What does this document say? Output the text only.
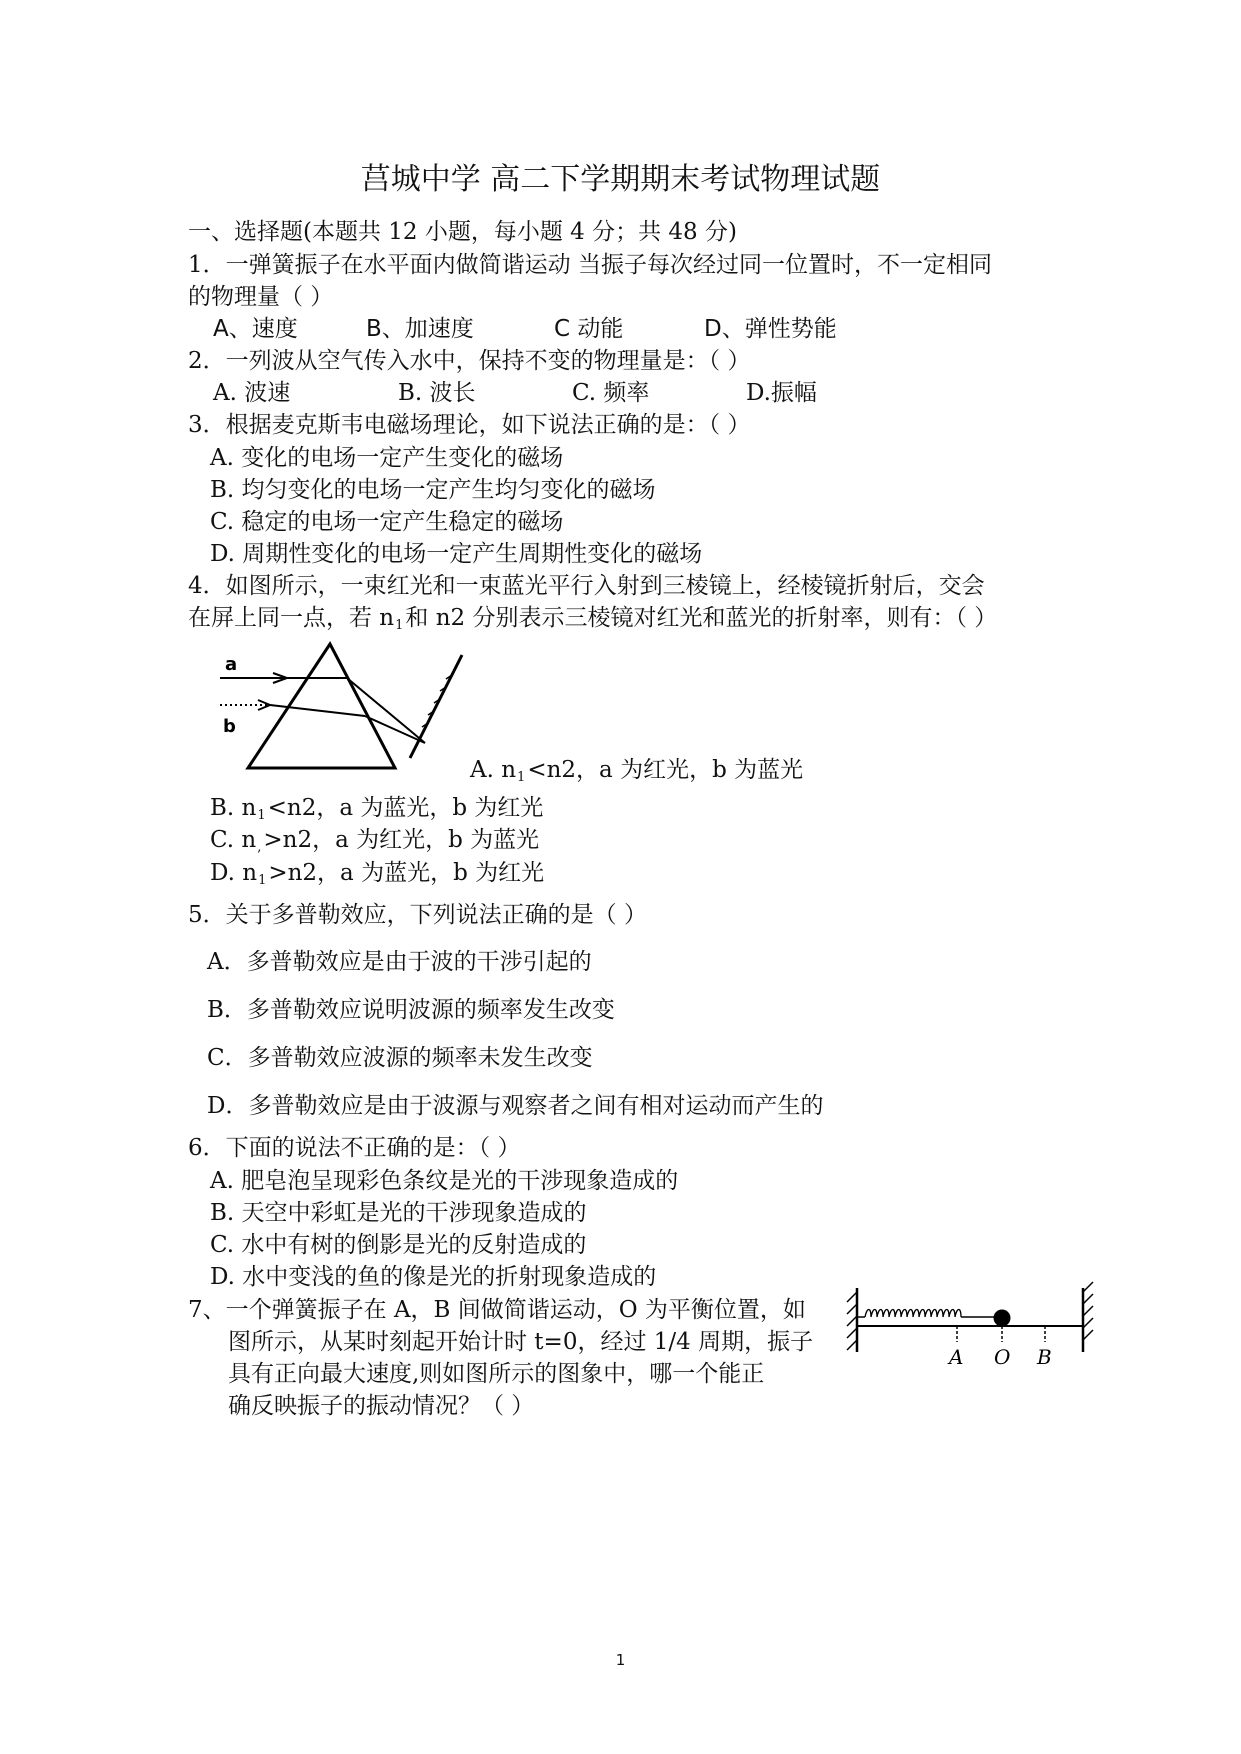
莒城中学 高二下学期期末考试物理试题
一、选择题(本题共 12 小题，每小题 4 分；共 48 分)
1．一弹簧振子在水平面内做简谐运动 当振子每次经过同一位置时，不一定相同
的物理量（ ）
A、速度	B、加速度	C 动能	D、弹性势能
2．一列波从空气传入水中，保持不变的物理量是：（ ）
A. 波速	B. 波长	C. 频率	D.振幅
3．根据麦克斯韦电磁场理论，如下说法正确的是：（ ）
A. 变化的电场一定产生变化的磁场
B. 均匀变化的电场一定产生均匀变化的磁场
C. 稳定的电场一定产生稳定的磁场
D. 周期性变化的电场一定产生周期性变化的磁场
4．如图所示，一束红光和一束蓝光平行入射到三棱镜上，经棱镜折射后，交会
在屏上同一点，若 $n_1$和 n2 分别表示三棱镜对红光和蓝光的折射率，则有：（ ）
a
b
A. $n_1<n2$，a 为红光，b 为蓝光
B. $n_1<n2$，a 为蓝光，b 为红光
C. $n_,>n2$，a 为红光，b 为蓝光
D. $n_1>n2$，a 为蓝光，b 为红光
5．关于多普勒效应，下列说法正确的是（ ）
A．多普勒效应是由于波的干涉引起的
B．多普勒效应说明波源的频率发生改变
C．多普勒效应波源的频率未发生改变
D．多普勒效应是由于波源与观察者之间有相对运动而产生的
6．下面的说法不正确的是：（ ）
A. 肥皂泡呈现彩色条纹是光的干涉现象造成的
B. 天空中彩虹是光的干涉现象造成的
C. 水中有树的倒影是光的反射造成的
D. 水中变浅的鱼的像是光的折射现象造成的
7、一个弹簧振子在 A，B 间做简谐运动，O 为平衡位置，如
图所示，从某时刻起开始计时 t=0，经过 1/4 周期，振子
具有正向最大速度,则如图所示的图象中，哪一个能正
确反映振子的振动情况？（ ）
A O B
1
